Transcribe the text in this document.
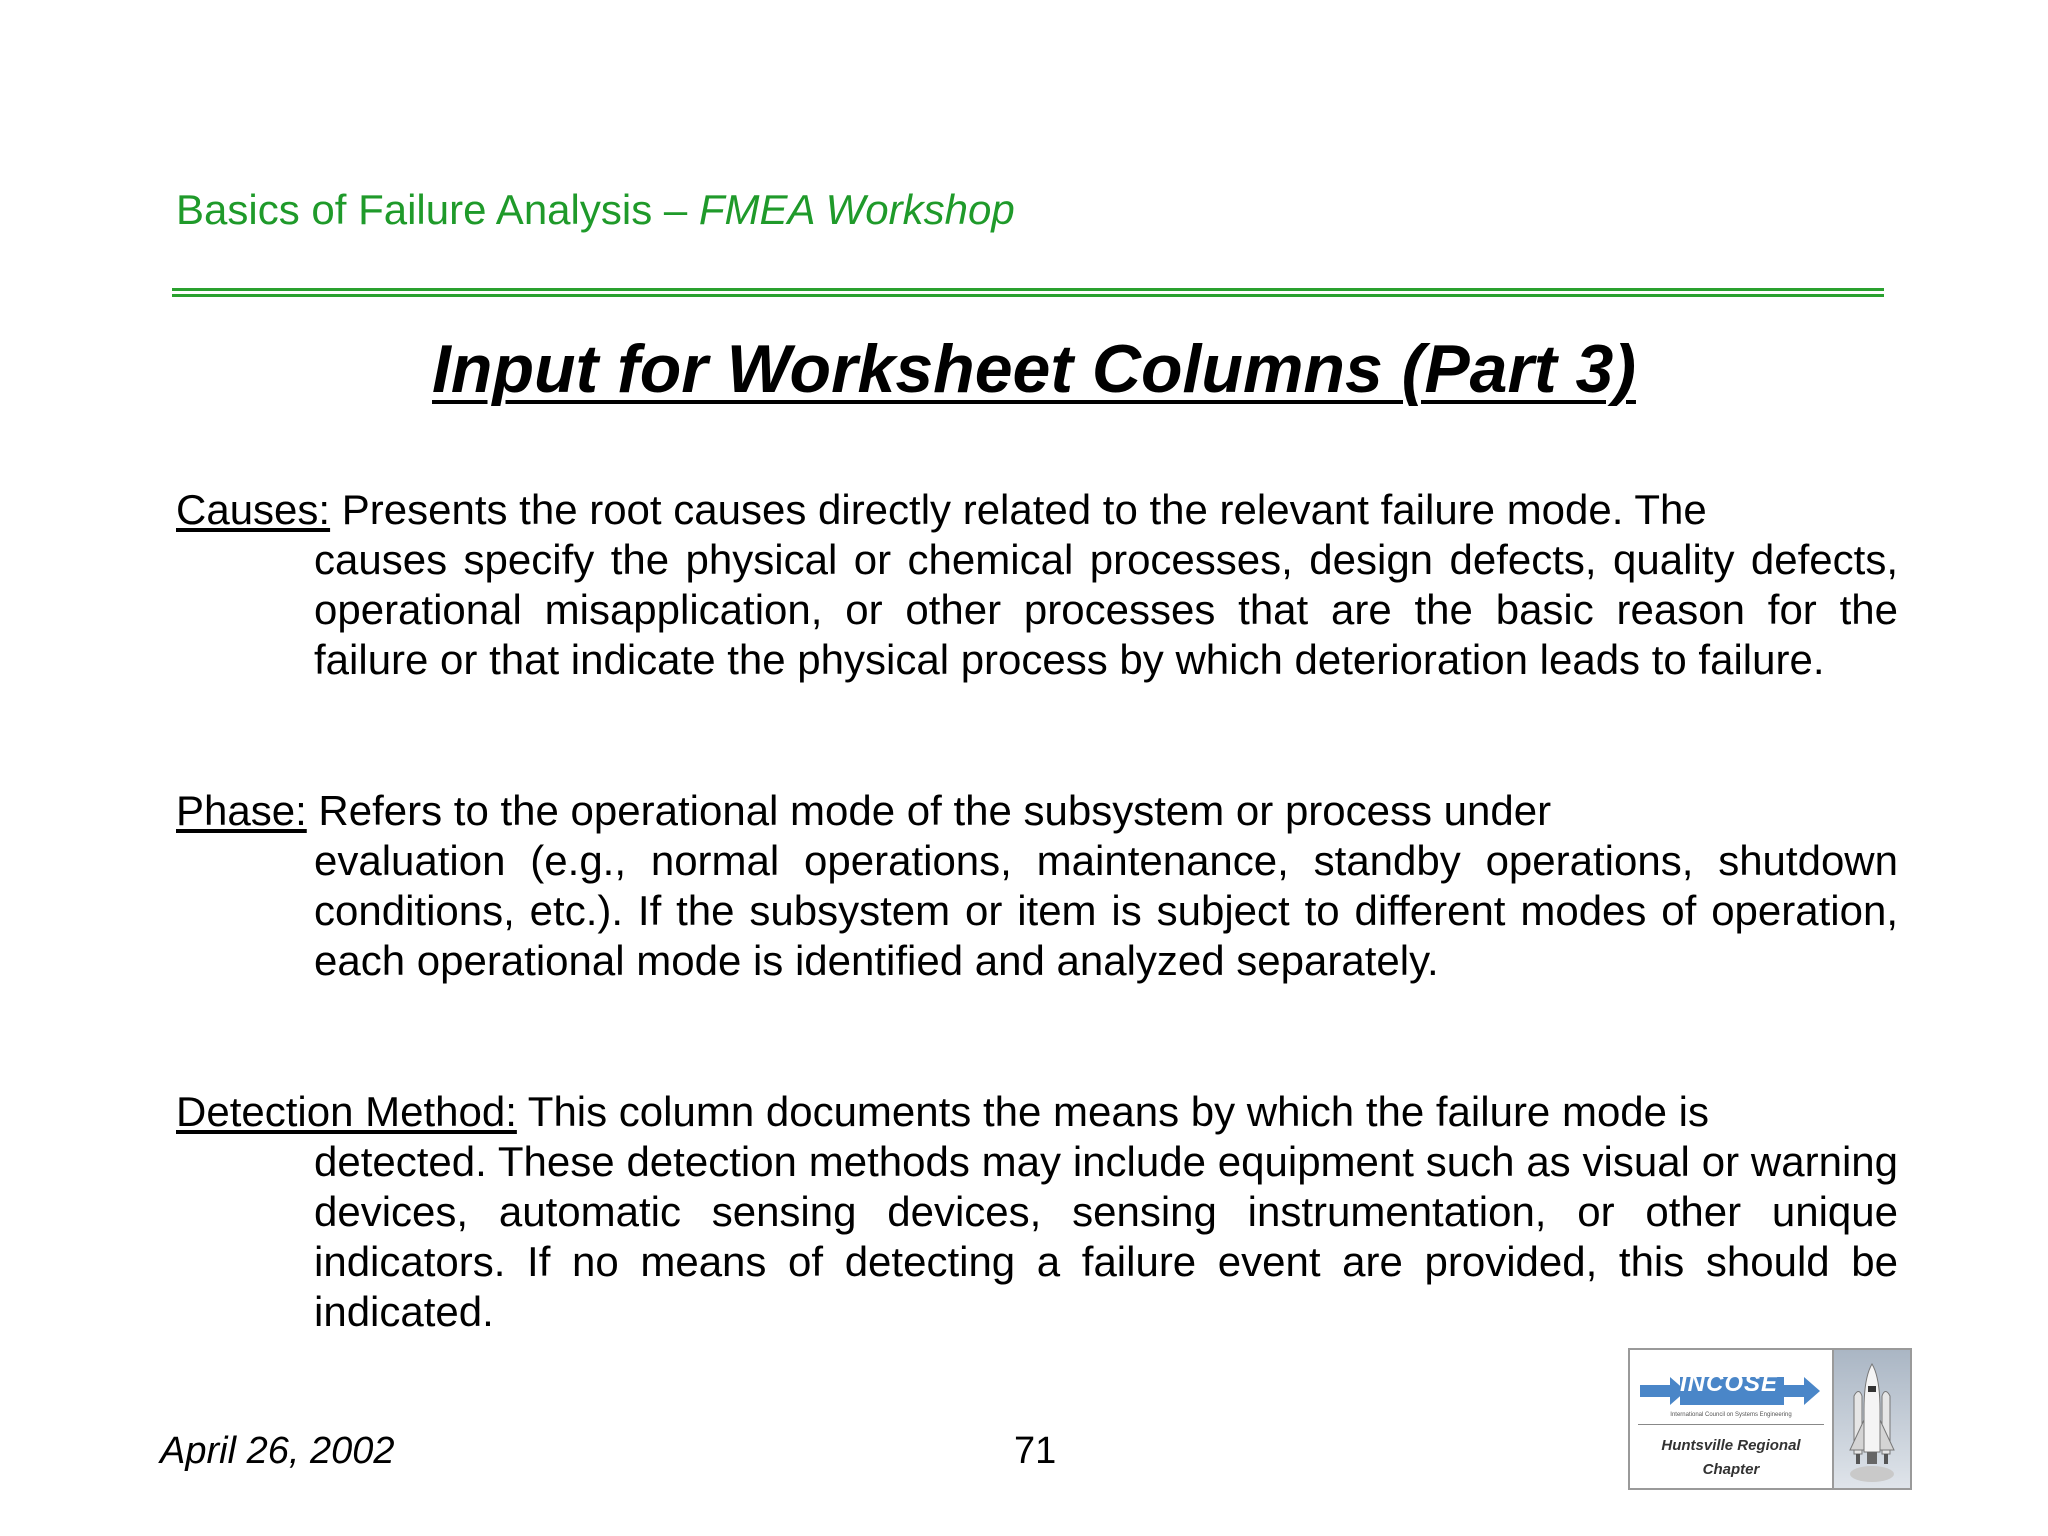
Basics of Failure Analysis – FMEA Workshop
Input for Worksheet Columns (Part 3)
Causes: Presents the root causes directly related to the relevant failure mode. The
causes specify the physical or chemical processes, design defects, quality defects, operational misapplication, or other processes that are the basic reason for the failure or that indicate the physical process by which deterioration leads to failure.
Phase: Refers to the operational mode of the subsystem or process under
evaluation (e.g., normal operations, maintenance, standby operations, shutdown conditions, etc.). If the subsystem or item is subject to different modes of operation, each operational mode is identified and analyzed separately.
Detection Method: This column documents the means by which the failure mode is
detected. These detection methods may include equipment such as visual or warning devices, automatic sensing devices, sensing instrumentation, or other unique indicators. If no means of detecting a failure event are provided, this should be indicated.
April 26, 2002	71
INCOSE
International Council on Systems Engineering
Huntsville Regional
Chapter
